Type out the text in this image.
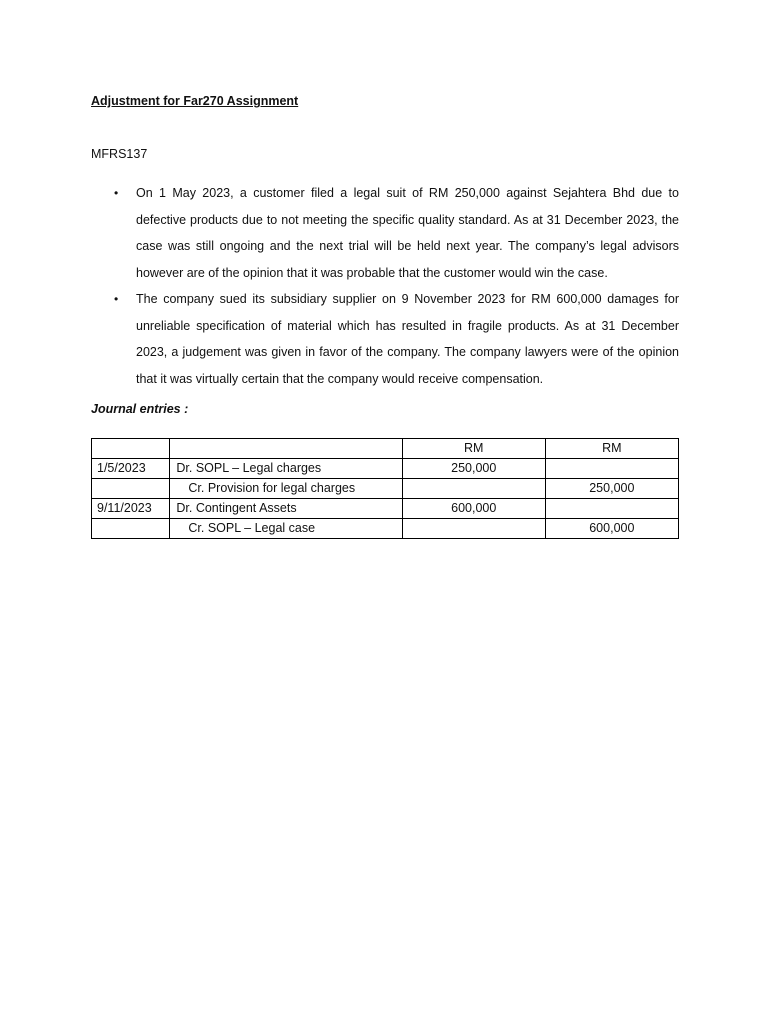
Adjustment for Far270 Assignment
MFRS137
• On 1 May 2023, a customer filed a legal suit of RM 250,000 against Sejahtera Bhd due to defective products due to not meeting the specific quality standard. As at 31 December 2023, the case was still ongoing and the next trial will be held next year. The company’s legal advisors however are of the opinion that it was probable that the customer would win the case.
• The company sued its subsidiary supplier on 9 November 2023 for RM 600,000 damages for unreliable specification of material which has resulted in fragile products. As at 31 December 2023, a judgement was given in favor of the company. The company lawyers were of the opinion that it was virtually certain that the company would receive compensation.
Journal entries :
		RM	RM
1/5/2023	Dr. SOPL – Legal charges	250,000	
	Cr. Provision for legal charges		250,000
9/11/2023	Dr. Contingent Assets	600,000	
	Cr. SOPL – Legal case		600,000
